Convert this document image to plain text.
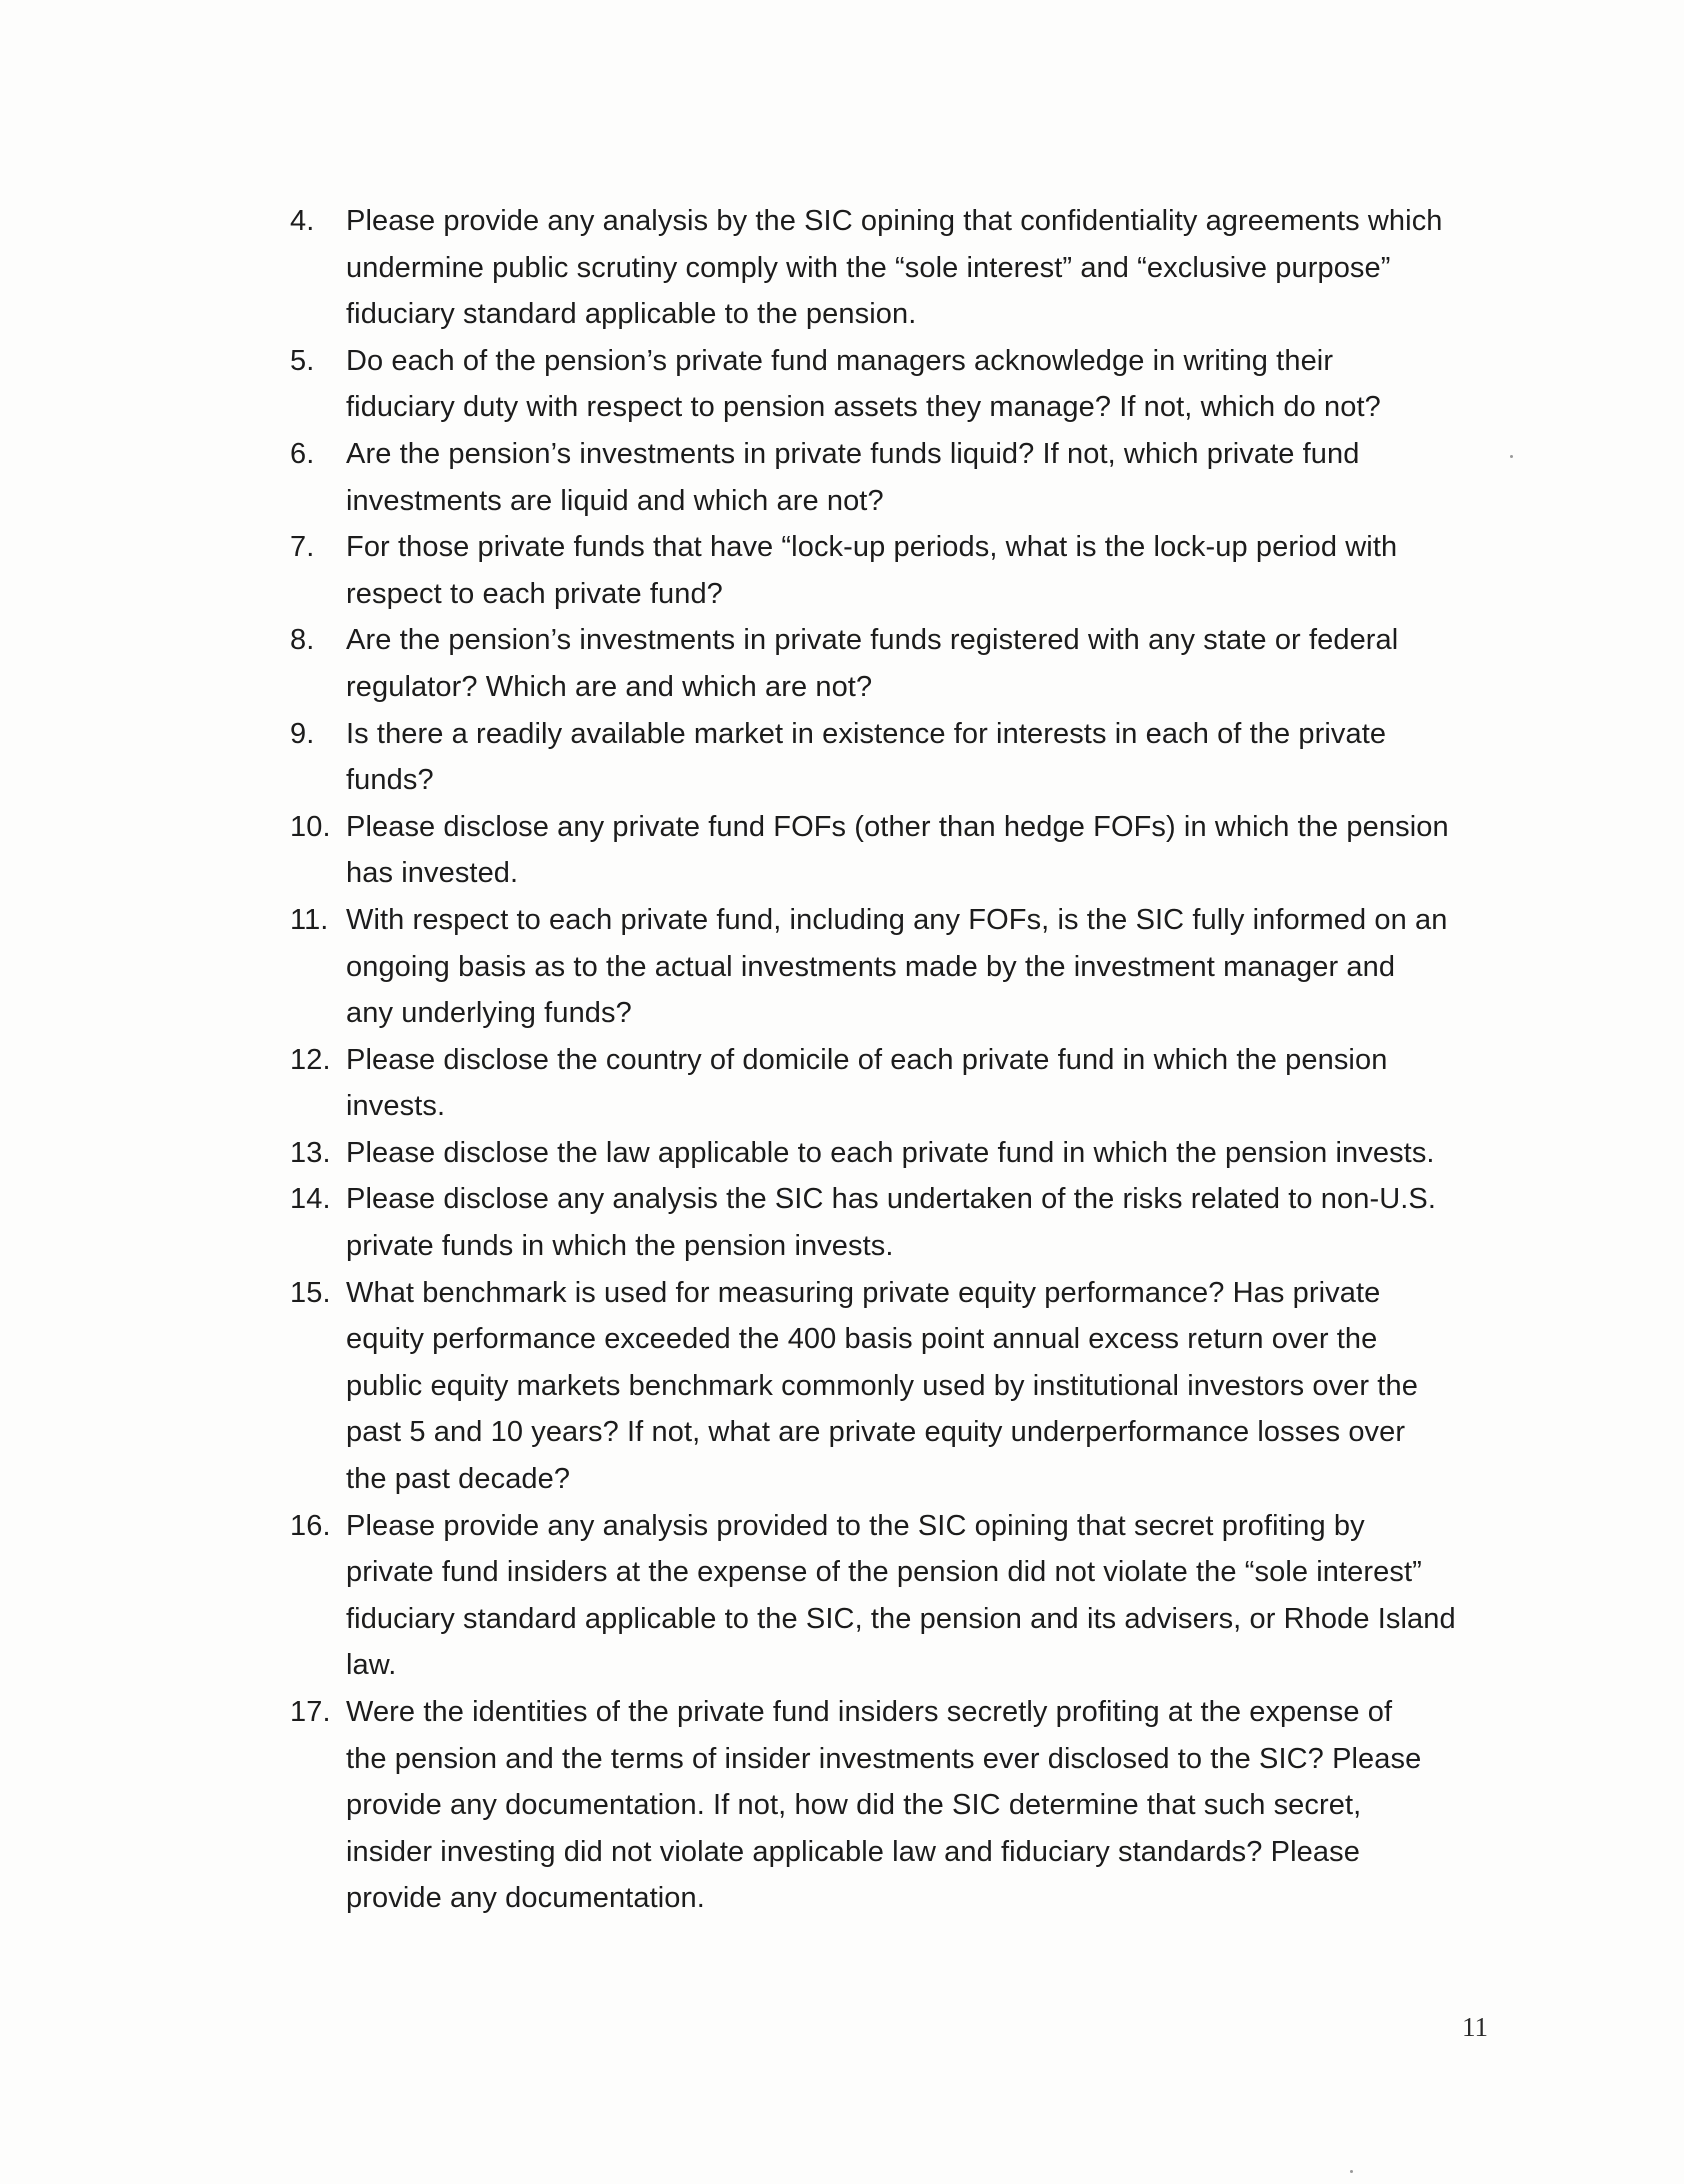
4.	Please provide any analysis by the SIC opining that confidentiality agreements which
undermine public scrutiny comply with the “sole interest” and “exclusive purpose”
fiduciary standard applicable to the pension.
5.	Do each of the pension’s private fund managers acknowledge in writing their
fiduciary duty with respect to pension assets they manage? If not, which do not?
6.	Are the pension’s investments in private funds liquid? If not, which private fund
investments are liquid and which are not?
7.	For those private funds that have “lock-up periods, what is the lock-up period with
respect to each private fund?
8.	Are the pension’s investments in private funds registered with any state or federal
regulator? Which are and which are not?
9.	Is there a readily available market in existence for interests in each of the private
funds?
10. Please disclose any private fund FOFs (other than hedge FOFs) in which the pension
has invested.
11. With respect to each private fund, including any FOFs, is the SIC fully informed on an
ongoing basis as to the actual investments made by the investment manager and
any underlying funds?
12. Please disclose the country of domicile of each private fund in which the pension
invests.
13. Please disclose the law applicable to each private fund in which the pension invests.
14. Please disclose any analysis the SIC has undertaken of the risks related to non-U.S.
private funds in which the pension invests.
15. What benchmark is used for measuring private equity performance? Has private
equity performance exceeded the 400 basis point annual excess return over the
public equity markets benchmark commonly used by institutional investors over the
past 5 and 10 years? If not, what are private equity underperformance losses over
the past decade?
16. Please provide any analysis provided to the SIC opining that secret profiting by
private fund insiders at the expense of the pension did not violate the “sole interest”
fiduciary standard applicable to the SIC, the pension and its advisers, or Rhode Island
law.
17. Were the identities of the private fund insiders secretly profiting at the expense of
the pension and the terms of insider investments ever disclosed to the SIC? Please
provide any documentation. If not, how did the SIC determine that such secret,
insider investing did not violate applicable law and fiduciary standards? Please
provide any documentation.
11
